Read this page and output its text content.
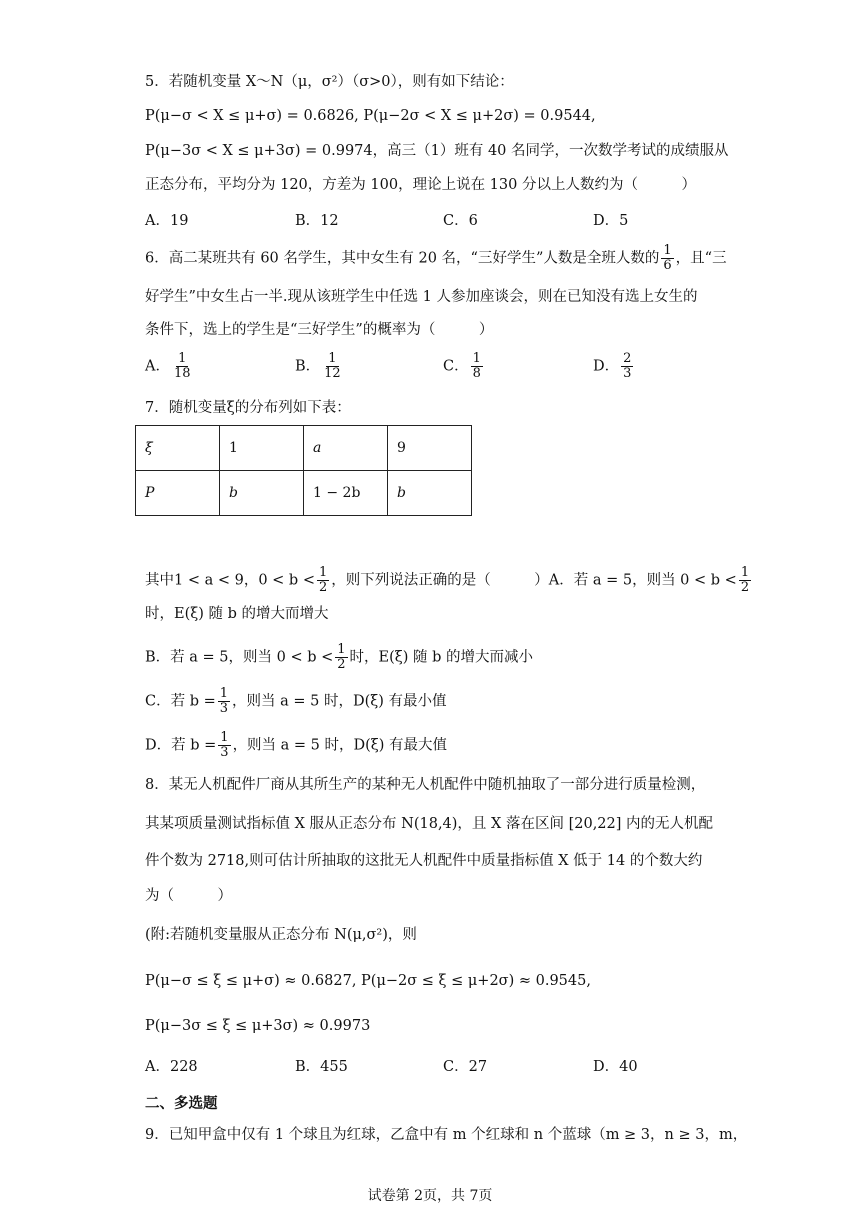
5．若随机变量 X～N（μ，σ²）（σ>0），则有如下结论：
P(μ−σ < X ≤ μ+σ) = 0.6826, P(μ−2σ < X ≤ μ+2σ) = 0.9544,
P(μ−3σ < X ≤ μ+3σ) = 0.9974，高三（1）班有 40 名同学，一次数学考试的成绩服从
正态分布，平均分为 120，方差为 100，理论上说在 130 分以上人数约为（　　　）
A．19	B．12	C．6	D．5
6．高二某班共有 60 名学生，其中女生有 20 名，“三好学生”人数是全班人数的 $\frac{1}{6}$ ，且“三
好学生”中女生占一半.现从该班学生中任选 1 人参加座谈会，则在已知没有选上女生的
条件下，选上的学生是“三好学生”的概率为（　　　）
A． $\frac{1}{18}$	B． $\frac{1}{12}$	C． $\frac{1}{8}$	D． $\frac{2}{3}$
7．随机变量ξ的分布列如下表：
ξ	1	a	9
P	b	1 − 2b	b
其中1 < a < 9，$0 < b < \frac{1}{2}$ ，则下列说法正确的是（　　　）A．若 a = 5，则当 $0 < b < \frac{1}{2}$
时，E(ξ) 随 b 的增大而增大
B．若 a = 5，则当 $0 < b < \frac{1}{2}$ 时，E(ξ) 随 b 的增大而减小
C．若 $b = \frac{1}{3}$ ，则当 a = 5 时，D(ξ) 有最小值
D．若 $b = \frac{1}{3}$ ，则当 a = 5 时，D(ξ) 有最大值
8．某无人机配件厂商从其所生产的某种无人机配件中随机抽取了一部分进行质量检测，
其某项质量测试指标值 X 服从正态分布 N(18,4)，且 X 落在区间 [20,22] 内的无人机配
件个数为 2718,则可估计所抽取的这批无人机配件中质量指标值 X 低于 14 的个数大约
为（　　　）
(附:若随机变量服从正态分布 N(μ,σ²)，则
P(μ−σ ≤ ξ ≤ μ+σ) ≈ 0.6827, P(μ−2σ ≤ ξ ≤ μ+2σ) ≈ 0.9545,
P(μ−3σ ≤ ξ ≤ μ+3σ) ≈ 0.9973
A．228	B．455	C．27	D．40
二、多选题
9．已知甲盒中仅有 1 个球且为红球，乙盒中有 m 个红球和 n 个蓝球（m ≥ 3，n ≥ 3，m，
试卷第 2页，共 7页
